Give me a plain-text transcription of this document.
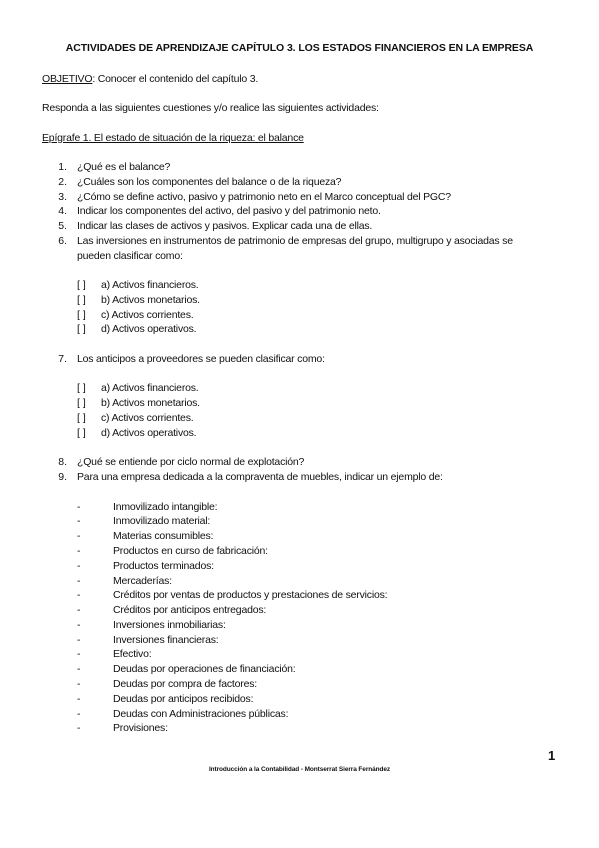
ACTIVIDADES DE APRENDIZAJE CAPÍTULO 3. LOS ESTADOS FINANCIEROS EN LA EMPRESA
OBJETIVO: Conocer el contenido del capítulo 3.
Responda a las siguientes cuestiones y/o realice las siguientes actividades:
Epígrafe 1. El estado de situación de la riqueza: el balance
1. ¿Qué es el balance?
2. ¿Cuáles son los componentes del balance o de la riqueza?
3. ¿Cómo se define activo, pasivo y patrimonio neto en el Marco conceptual del PGC?
4. Indicar los componentes del activo, del pasivo y del patrimonio neto.
5. Indicar las clases de activos y pasivos. Explicar cada una de ellas.
6. Las inversiones en instrumentos de patrimonio de empresas del grupo, multigrupo y asociadas se
pueden clasificar como:
[ ] a) Activos financieros.
[ ] b) Activos monetarios.
[ ] c) Activos corrientes.
[ ] d) Activos operativos.
7. Los anticipos a proveedores se pueden clasificar como:
[ ] a) Activos financieros.
[ ] b) Activos monetarios.
[ ] c) Activos corrientes.
[ ] d) Activos operativos.
8. ¿Qué se entiende por ciclo normal de explotación?
9. Para una empresa dedicada a la compraventa de muebles, indicar un ejemplo de:
-	Inmovilizado intangible:
-	Inmovilizado material:
-	Materias consumibles:
-	Productos en curso de fabricación:
-	Productos terminados:
-	Mercaderías:
-	Créditos por ventas de productos y prestaciones de servicios:
-	Créditos por anticipos entregados:
-	Inversiones inmobiliarias:
-	Inversiones financieras:
-	Efectivo:
-	Deudas por operaciones de financiación:
-	Deudas por compra de factores:
-	Deudas por anticipos recibidos:
-	Deudas con Administraciones públicas:
-	Provisiones:
1
Introducción a la Contabilidad - Montserrat Sierra Fernández
